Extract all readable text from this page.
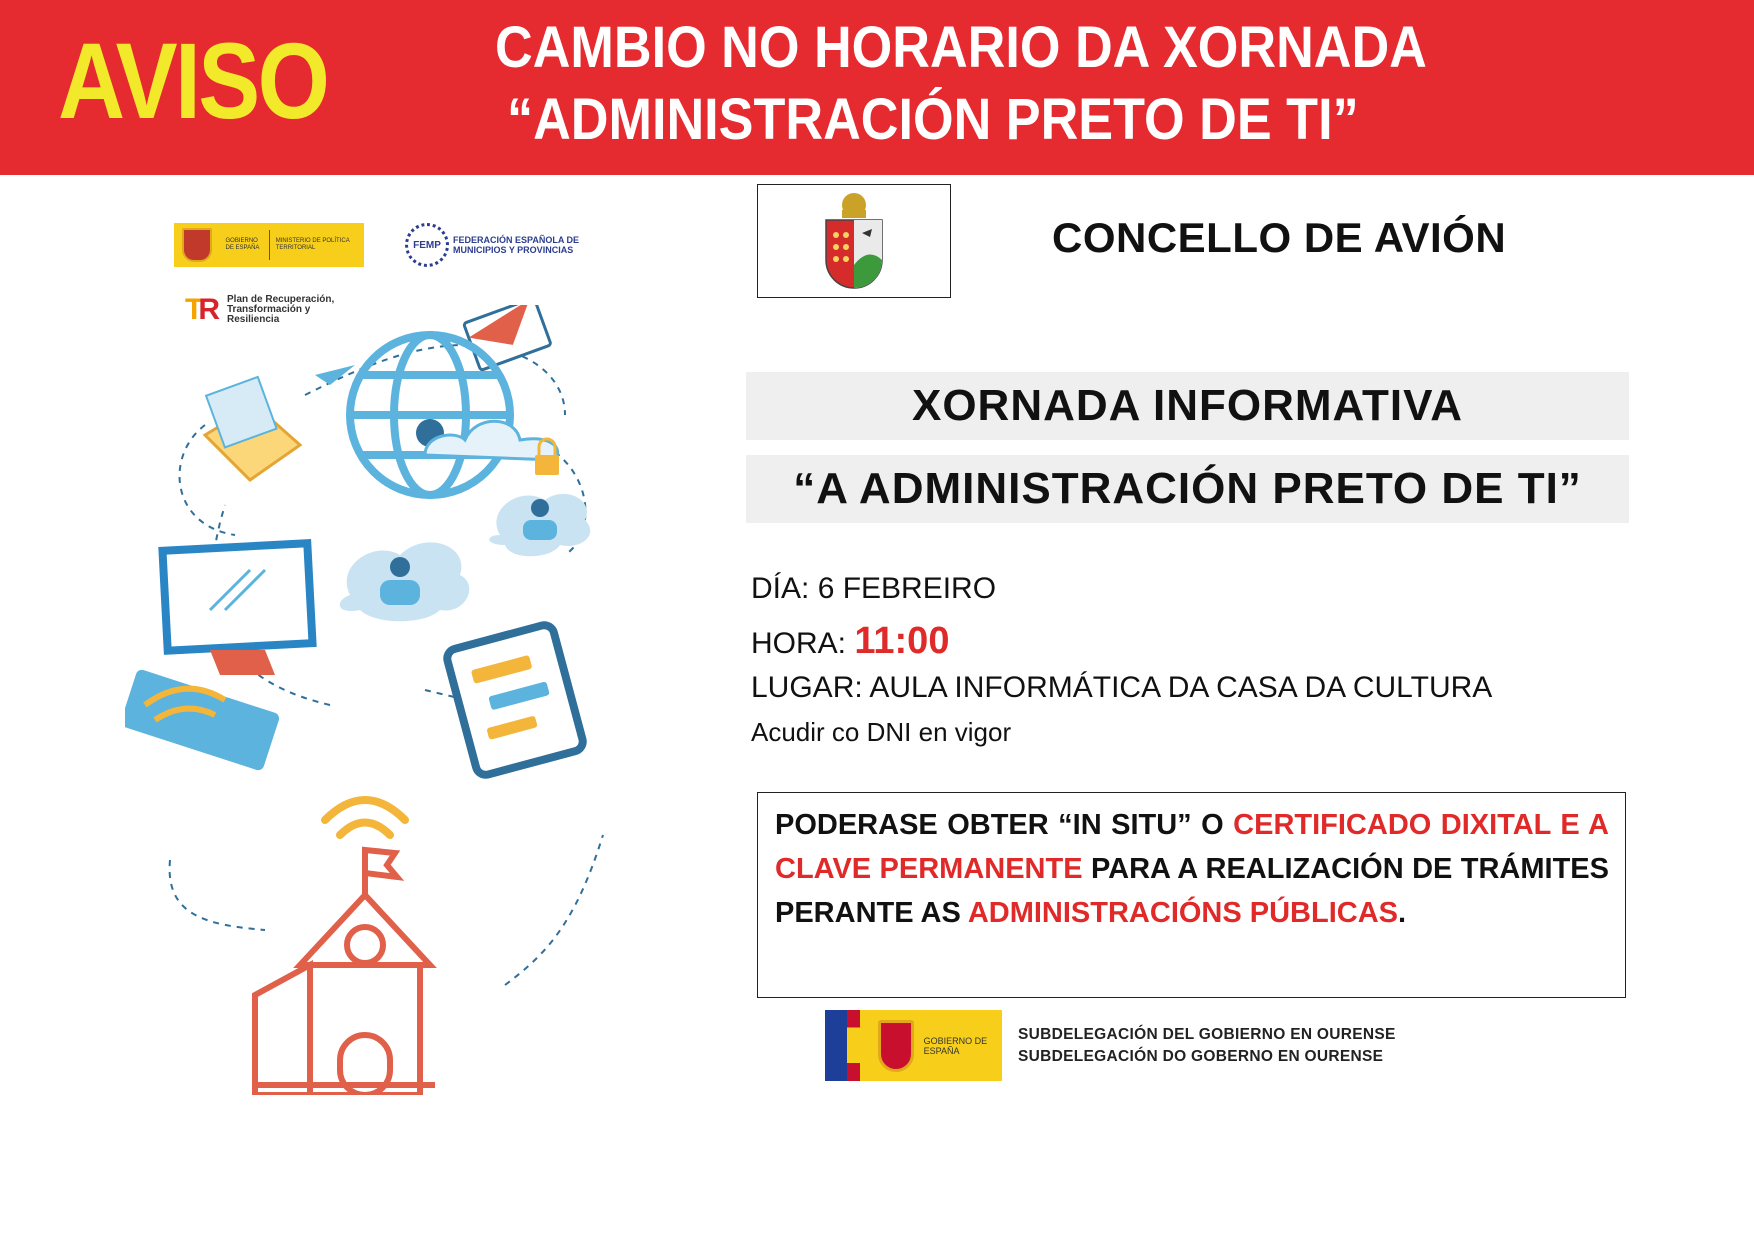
AVISO	CAMBIO NO HORARIO DA XORNADA
“ADMINISTRACIÓN PRETO DE TI”
GOBIERNO DE ESPAÑA
MINISTERIO DE POLÍTICA TERRITORIAL	FEMP FEDERACIÓN ESPAÑOLA DE MUNICIPIOS Y PROVINCIAS
TR Plan de Recuperación, Transformación y Resiliencia
CONCELLO DE AVIÓN
XORNADA INFORMATIVA
“A ADMINISTRACIÓN PRETO DE TI”
DÍA: 6 FEBREIRO
HORA: 11:00
LUGAR: AULA INFORMÁTICA DA CASA DA CULTURA
Acudir co DNI en vigor
PODERASE OBTER “IN SITU” O CERTIFICADO DIXITAL E A CLAVE PERMANENTE PARA A REALIZACIÓN DE TRÁMITES PERANTE AS ADMINISTRACIÓNS PÚBLICAS.
GOBIERNO DE ESPAÑA
SUBDELEGACIÓN DEL GOBIERNO EN OURENSE
SUBDELEGACIÓN DO GOBERNO EN OURENSE
